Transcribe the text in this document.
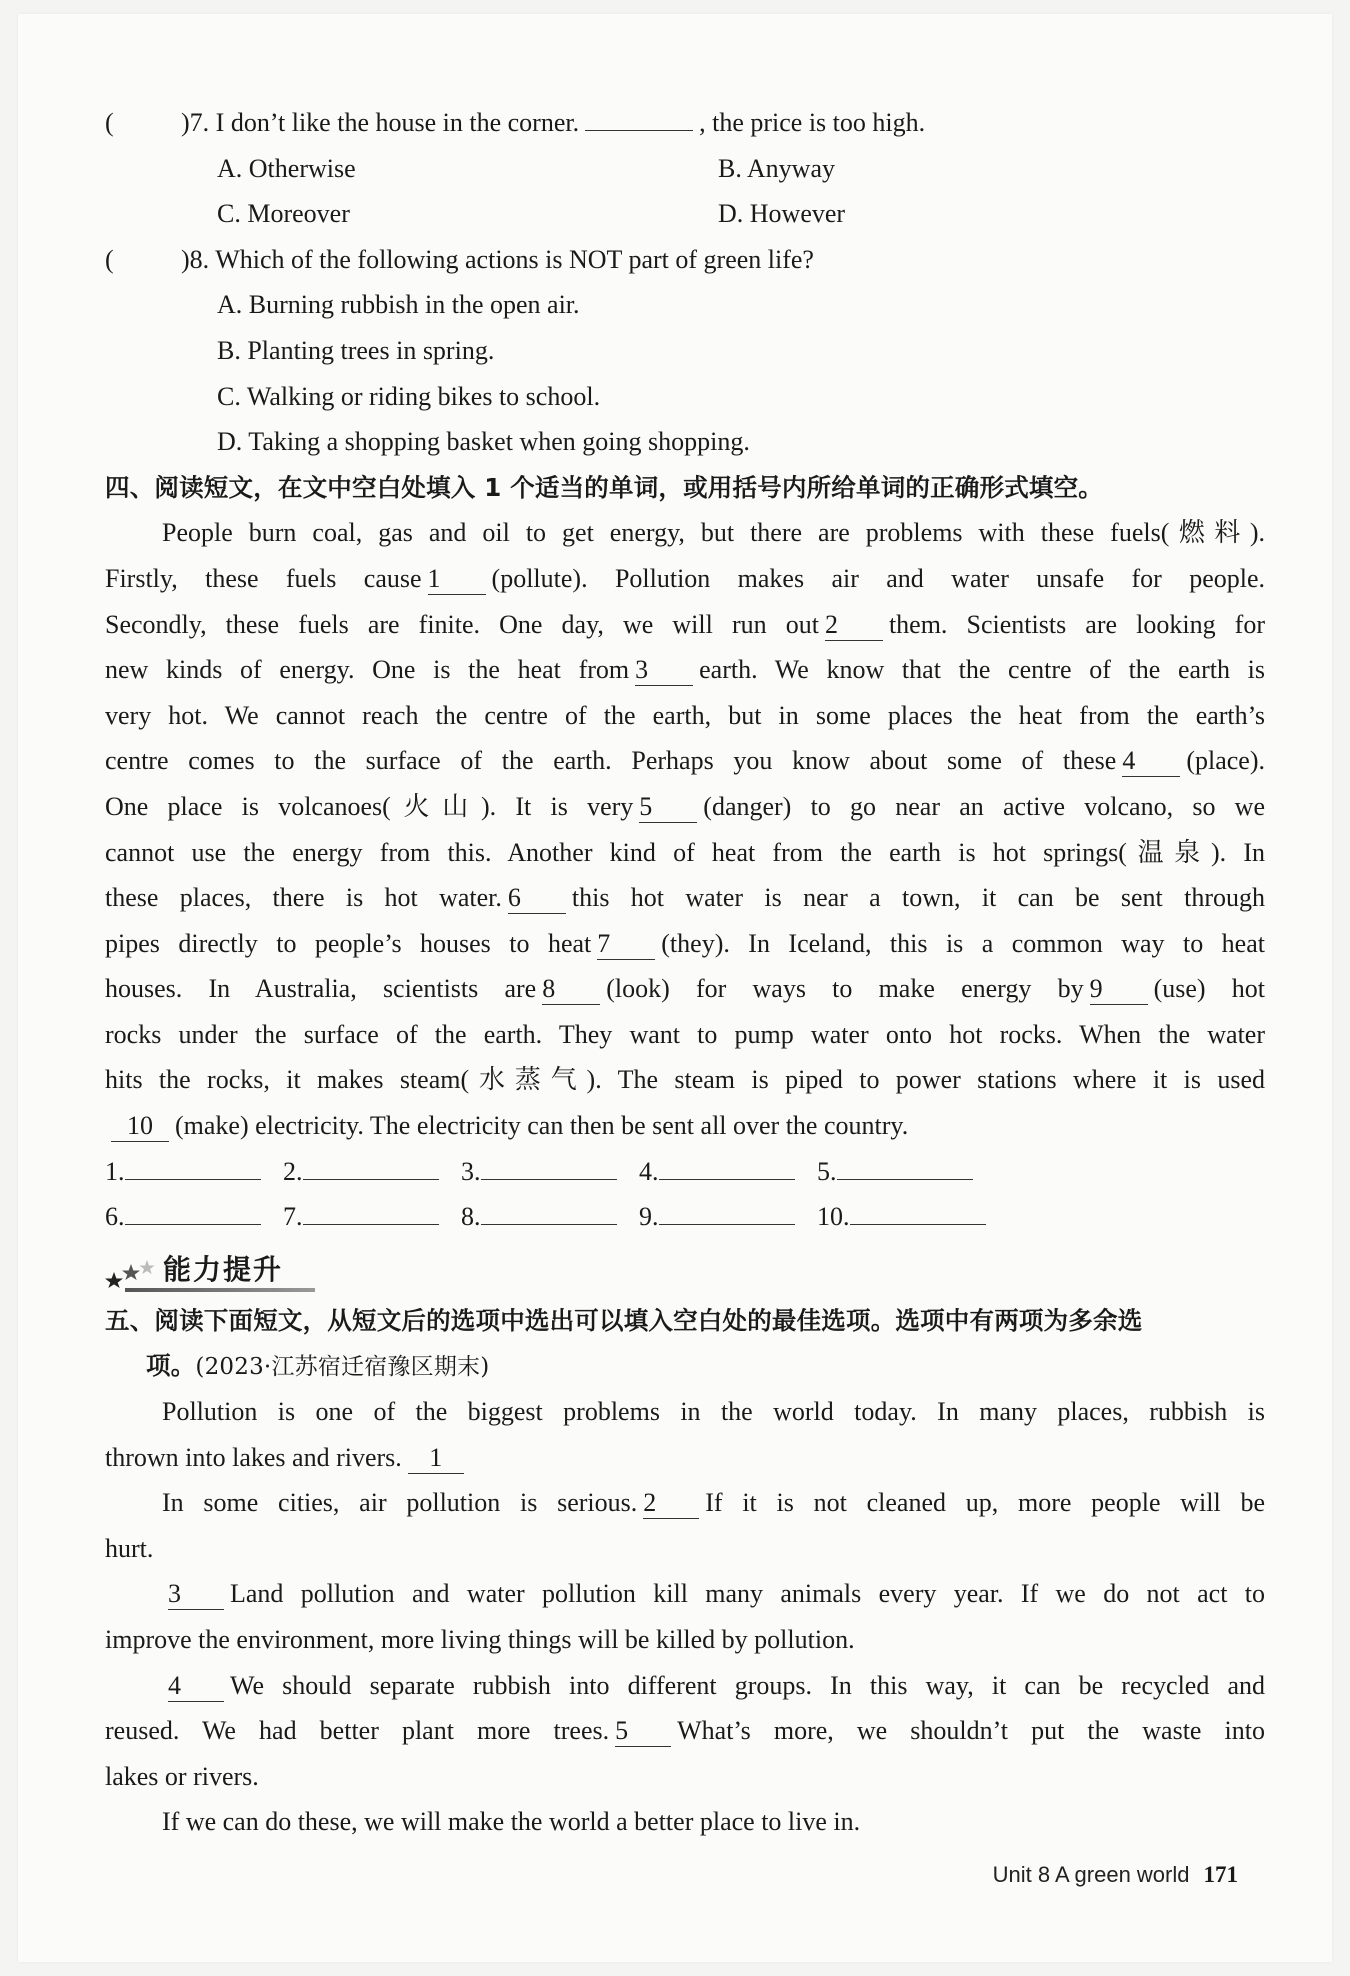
(	)7. I don’t like the house in the corner.	, the price is too high.
A. Otherwise	B. Anyway
C. Moreover	D. However
(	)8. Which of the following actions is NOT part of green life?
A. Burning rubbish in the open air.
B. Planting trees in spring.
C. Walking or riding bikes to school.
D. Taking a shopping basket when going shopping.
四、阅读短文，在文中空白处填入 1 个适当的单词，或用括号内所给单词的正确形式填空。
People burn coal, gas and oil to get energy, but there are problems with these fuels(燃料).
Firstly, these fuels cause 1 (pollute). Pollution makes air and water unsafe for people.
Secondly, these fuels are finite. One day, we will run out 2 them. Scientists are looking for
new kinds of energy. One is the heat from 3 earth. We know that the centre of the earth is
very hot. We cannot reach the centre of the earth, but in some places the heat from the earth’s
centre comes to the surface of the earth. Perhaps you know about some of these 4 (place).
One place is volcanoes(火山). It is very 5 (danger) to go near an active volcano, so we
cannot use the energy from this. Another kind of heat from the earth is hot springs(温泉). In
these places, there is hot water. 6 this hot water is near a town, it can be sent through
pipes directly to people’s houses to heat 7 (they). In Iceland, this is a common way to heat
houses. In Australia, scientists are 8 (look) for ways to make energy by 9 (use) hot
rocks under the surface of the earth. They want to pump water onto hot rocks. When the water
hits the rocks, it makes steam(水蒸气). The steam is piped to power stations where it is used
10 (make) electricity. The electricity can then be sent all over the country.
1.	2.	3.	4.	5.
6.	7.	8.	9.	10.
能力提升
五、阅读下面短文，从短文后的选项中选出可以填入空白处的最佳选项。选项中有两项为多余选
项。(2023·江苏宿迁宿豫区期末)
Pollution is one of the biggest problems in the world today. In many places, rubbish is
thrown into lakes and rivers. 1
In some cities, air pollution is serious. 2 If it is not cleaned up, more people will be
hurt.
3 Land pollution and water pollution kill many animals every year. If we do not act to
improve the environment, more living things will be killed by pollution.
4 We should separate rubbish into different groups. In this way, it can be recycled and
reused. We had better plant more trees. 5 What’s more, we shouldn’t put the waste into
lakes or rivers.
If we can do these, we will make the world a better place to live in.
Unit 8 A green world 171
